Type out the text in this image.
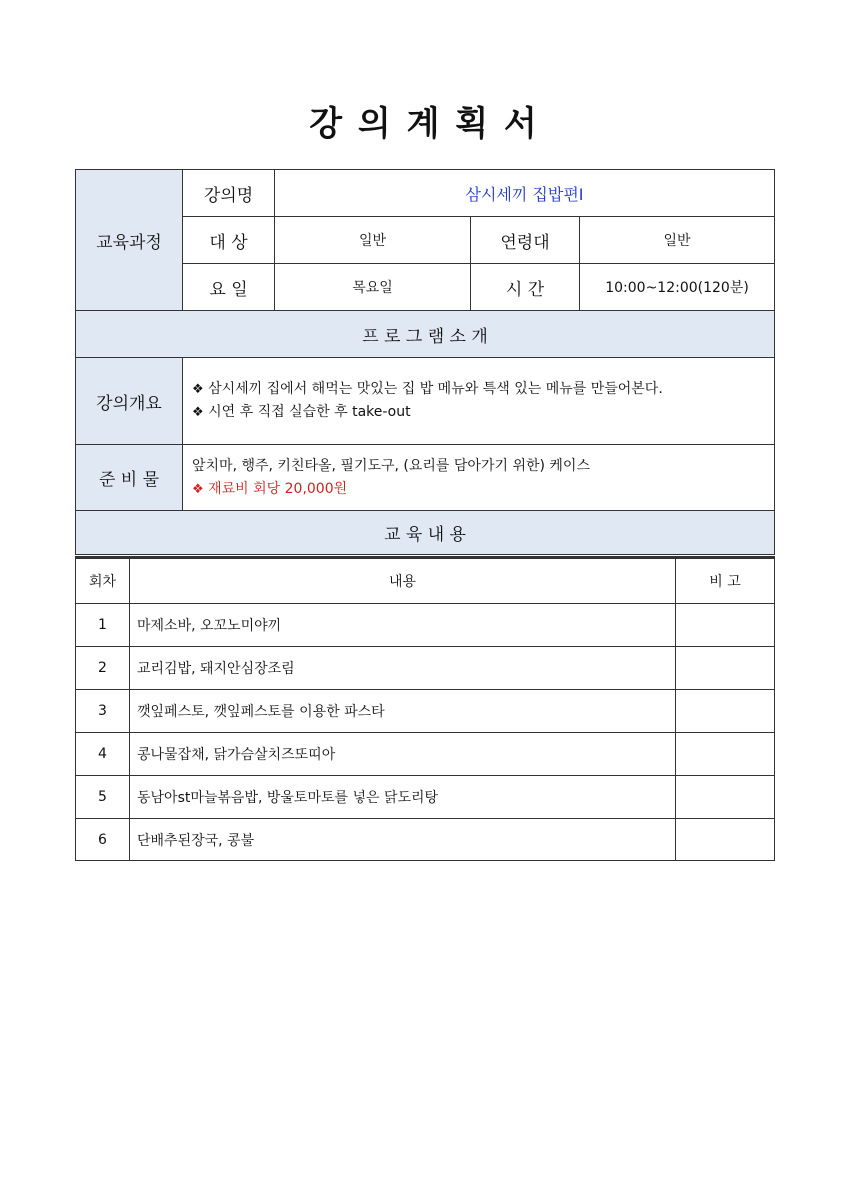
강 의 계 획 서
교육과정	강의명	삼시세끼 집밥편Ⅰ		
	대 상	일반	연령대	일반
	요 일	목요일	시 간	10:00~12:00(120분)
프 로 그 램 소 개				
강의개요	❖ 삼시세끼 집에서 해먹는 맛있는 집 밥 메뉴와 특색 있는 메뉴를 만들어본다.
❖ 시연 후 직접 실습한 후 take-out			

준 비 물	앞치마, 행주, 키친타올, 필기도구, (요리를 담아가기 위한) 케이스
❖ 재료비 회당 20,000원			

교 육 내 용				
회차	내용	비 고
1	마제소바, 오꼬노미야끼	
2	교리김밥, 돼지안심장조림	
3	깻잎페스토, 깻잎페스토를 이용한 파스타	
4	콩나물잡채, 닭가슴살치즈또띠아	
5	동남아st마늘볶음밥, 방울토마토를 넣은 닭도리탕	
6	단배추된장국, 콩불	
